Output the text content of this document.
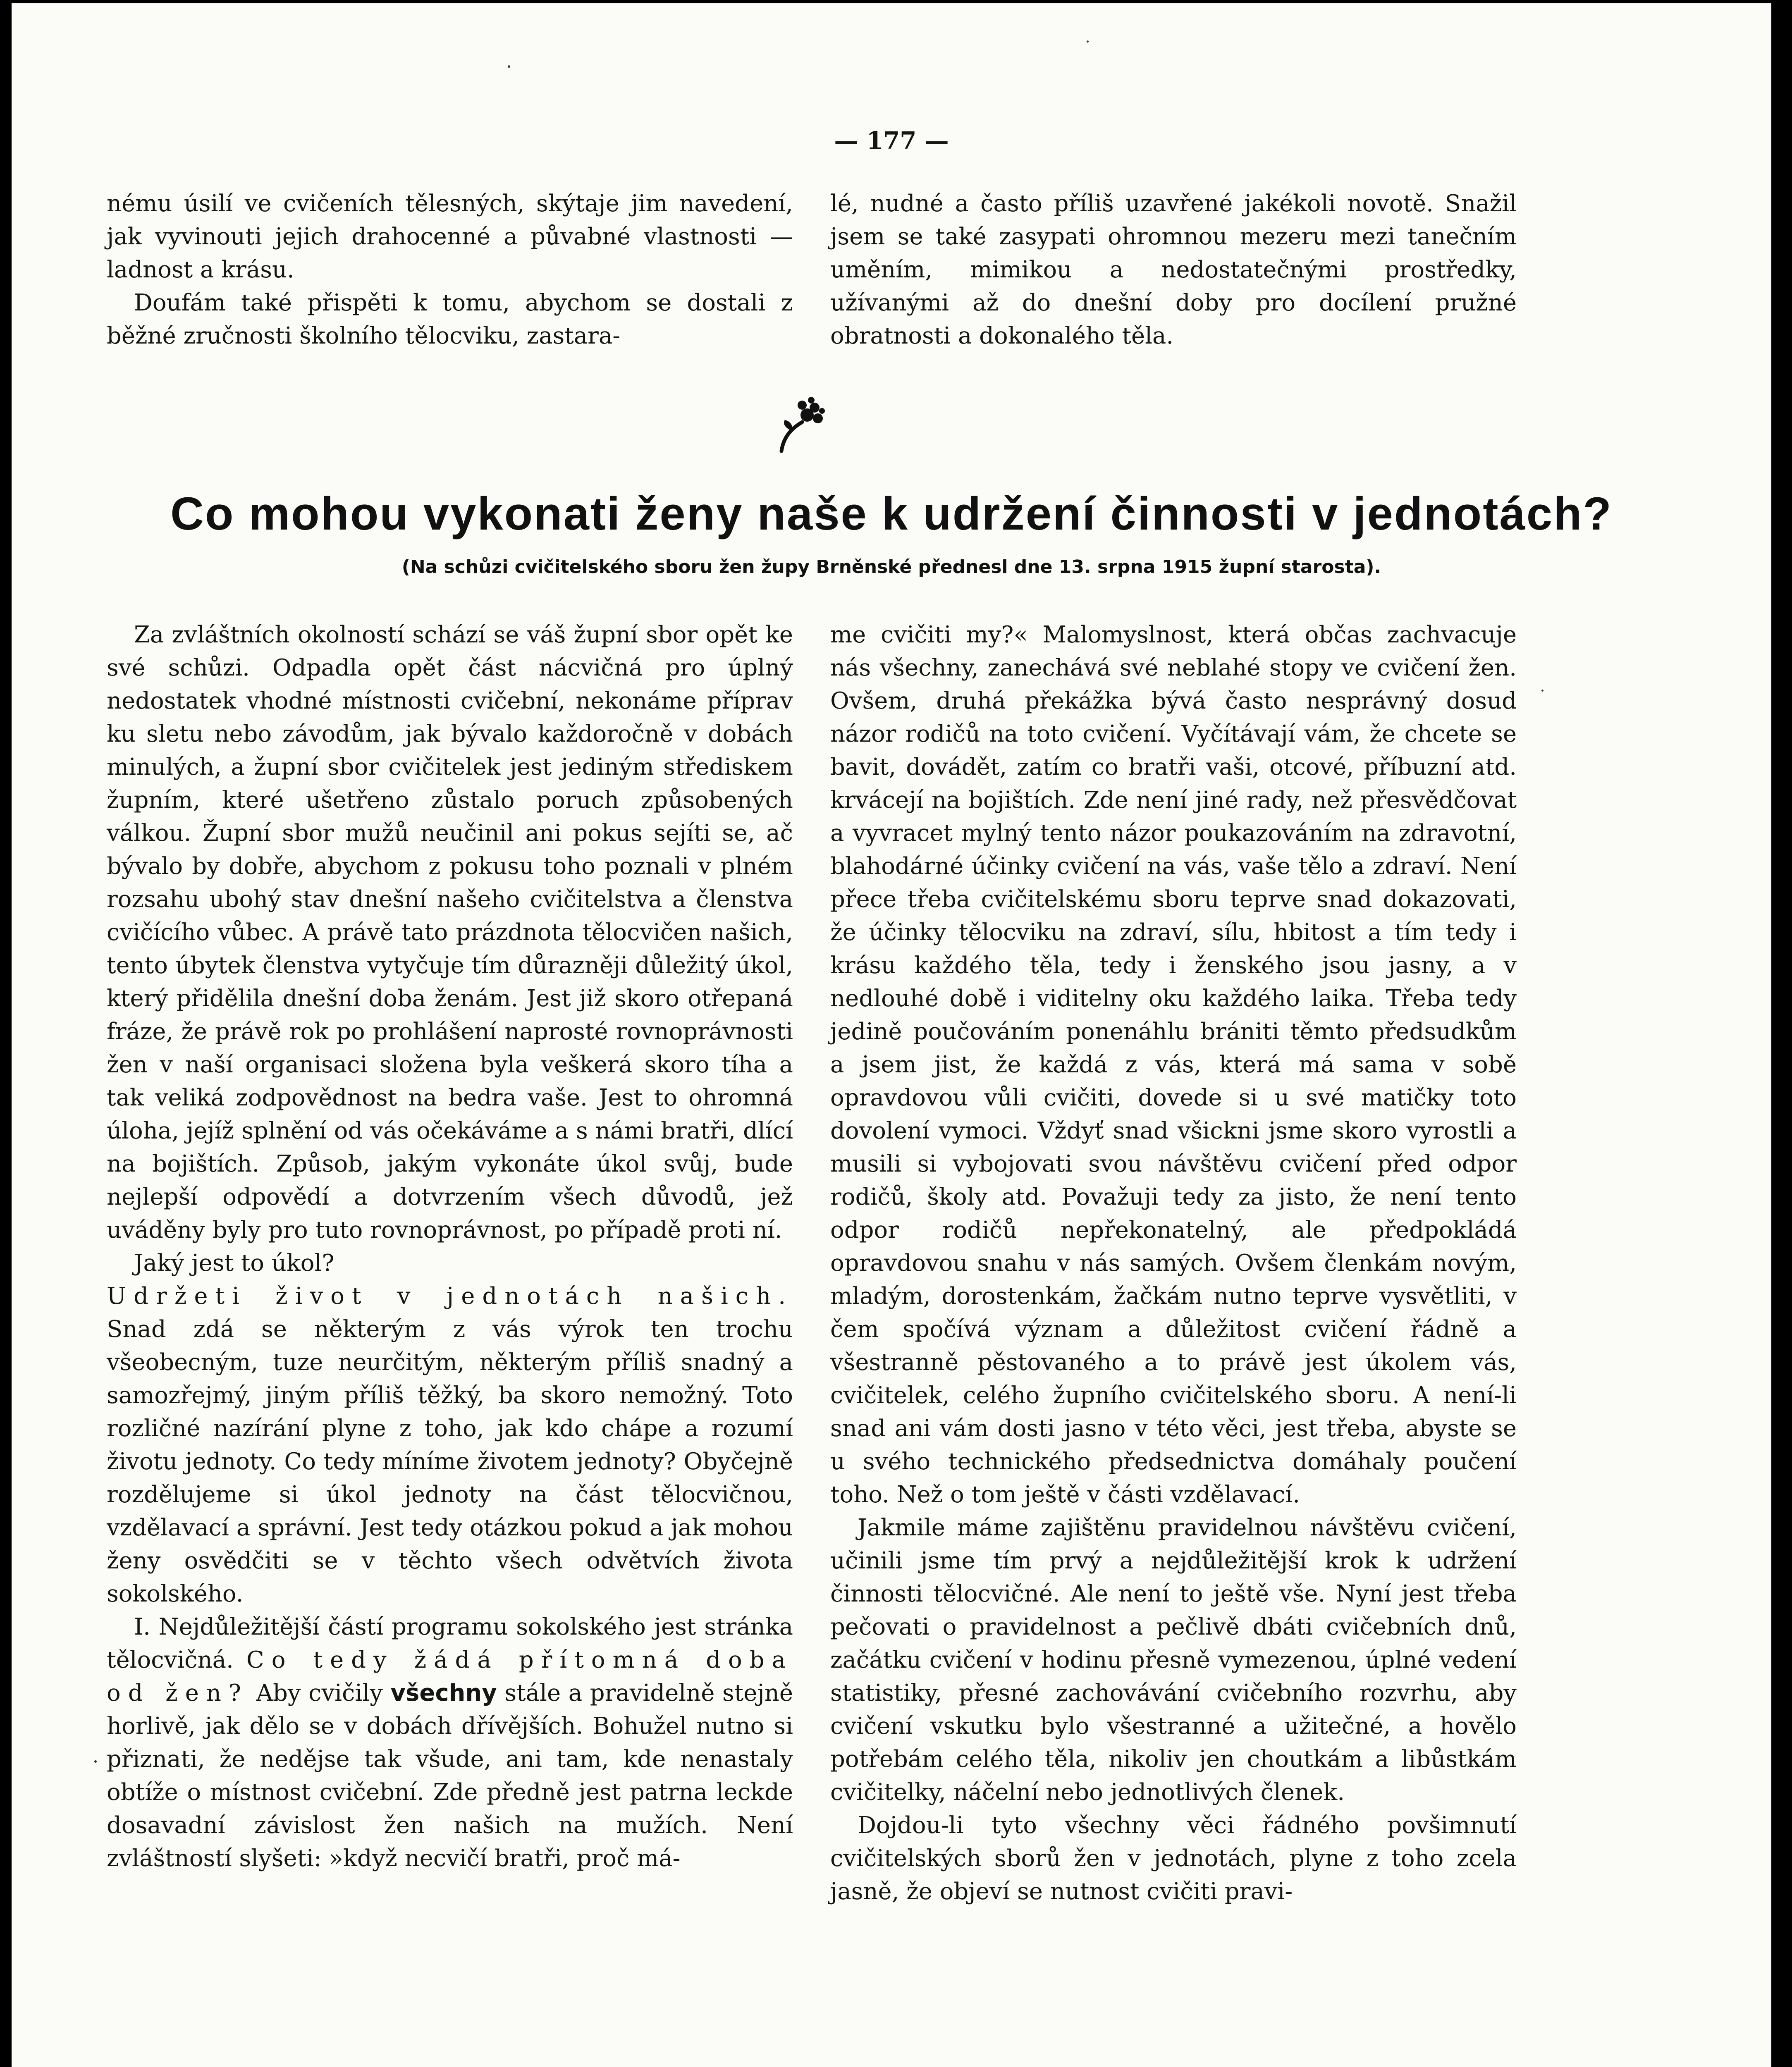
— 177 —

nému úsilí ve cvičeních tělesných, skýtaje jim navedení, jak vyvinouti jejich drahocenné a půvabné vlastnosti — ladnost a krásu.

Doufám také přispěti k tomu, abychom se dostali z běžné zručnosti školního tělocviku, zastara-

lé, nudné a často příliš uzavřené jakékoli novotě. Snažil jsem se také zasypati ohromnou mezeru mezi tanečním uměním, mimikou a nedostatečnými prostředky, užívanými až do dnešní doby pro docílení pružné obratnosti a dokonalého těla.

Co mohou vykonati ženy naše k udržení činnosti v jednotách?
(Na schůzi cvičitelského sboru žen župy Brněnské přednesl dne 13. srpna 1915 župní starosta).

Za zvláštních okolností schází se váš župní sbor opět ke své schůzi. Odpadla opět část nácvičná pro úplný nedostatek vhodné místnosti cvičební, nekonáme příprav ku sletu nebo závodům, jak bývalo každoročně v dobách minulých, a župní sbor cvičitelek jest jediným střediskem župním, které ušetřeno zůstalo poruch způsobených válkou. Župní sbor mužů neučinil ani pokus sejíti se, ač bývalo by dobře, abychom z pokusu toho poznali v plném rozsahu ubohý stav dnešní našeho cvičitelstva a členstva cvičícího vůbec. A právě tato prázdnota tělocvičen našich, tento úbytek členstva vytyčuje tím důrazněji důležitý úkol, který přidělila dnešní doba ženám. Jest již skoro otřepaná fráze, že právě rok po prohlášení naprosté rovnoprávnosti žen v naší organisaci složena byla veškerá skoro tíha a tak veliká zodpovědnost na bedra vaše. Jest to ohromná úloha, jejíž splnění od vás očekáváme a s námi bratři, dlící na bojištích. Způsob, jakým vykonáte úkol svůj, bude nejlepší odpovědí a dotvrzením všech důvodů, jež uváděny byly pro tuto rovnoprávnost, po případě proti ní.

Jaký jest to úkol?

Udržeti život v jednotách našich. Snad zdá se některým z vás výrok ten trochu všeobecným, tuze neurčitým, některým příliš snadný a samozřejmý, jiným příliš těžký, ba skoro nemožný. Toto rozličné nazírání plyne z toho, jak kdo chápe a rozumí životu jednoty. Co tedy míníme životem jednoty? Obyčejně rozdělujeme si úkol jednoty na část tělocvičnou, vzdělavací a správní. Jest tedy otázkou pokud a jak mohou ženy osvědčiti se v těchto všech odvětvích života sokolského.

I. Nejdůležitější částí programu sokolského jest stránka tělocvičná. Co tedy žádá přítomná doba od žen? Aby cvičily všechny stále a pravidelně stejně horlivě, jak dělo se v dobách dřívějších. Bohužel nutno si přiznati, že nedějse tak všude, ani tam, kde nenastaly obtíže o místnost cvičební. Zde předně jest patrna leckde dosavadní závislost žen našich na mužích. Není zvláštností slyšeti: »když necvičí bratři, proč má-

me cvičiti my?« Malomyslnost, která občas zachvacuje nás všechny, zanechává své neblahé stopy ve cvičení žen. Ovšem, druhá překážka bývá často nesprávný dosud názor rodičů na toto cvičení. Vyčítávají vám, že chcete se bavit, dovádět, zatím co bratři vaši, otcové, příbuzní atd. krvácejí na bojištích. Zde není jiné rady, než přesvědčovat a vyvracet mylný tento názor poukazováním na zdravotní, blahodárné účinky cvičení na vás, vaše tělo a zdraví. Není přece třeba cvičitelskému sboru teprve snad dokazovati, že účinky tělocviku na zdraví, sílu, hbitost a tím tedy i krásu každého těla, tedy i ženského jsou jasny, a v nedlouhé době i viditelny oku každého laika. Třeba tedy jedině poučováním ponenáhlu brániti těmto předsudkům a jsem jist, že každá z vás, která má sama v sobě opravdovou vůli cvičiti, dovede si u své matičky toto dovolení vymoci. Vždyť snad všickni jsme skoro vyrostli a musili si vybojovati svou návštěvu cvičení před odpor rodičů, školy atd. Považuji tedy za jisto, že není tento odpor rodičů nepřekonatelný, ale předpokládá opravdovou snahu v nás samých. Ovšem členkám novým, mladým, dorostenkám, žačkám nutno teprve vysvětliti, v čem spočívá význam a důležitost cvičení řádně a všestranně pěstovaného a to právě jest úkolem vás, cvičitelek, celého župního cvičitelského sboru. A není-li snad ani vám dosti jasno v této věci, jest třeba, abyste se u svého technického předsednictva domáhaly poučení toho. Než o tom ještě v části vzdělavací.

Jakmile máme zajištěnu pravidelnou návštěvu cvičení, učinili jsme tím prvý a nejdůležitější krok k udržení činnosti tělocvičné. Ale není to ještě vše. Nyní jest třeba pečovati o pravidelnost a pečlivě dbáti cvičebních dnů, začátku cvičení v hodinu přesně vymezenou, úplné vedení statistiky, přesné zachovávání cvičebního rozvrhu, aby cvičení vskutku bylo všestranné a užitečné, a hovělo potřebám celého těla, nikoliv jen choutkám a libůstkám cvičitelky, náčelní nebo jednotlivých členek.

Dojdou-li tyto všechny věci řádného povšimnutí cvičitelských sborů žen v jednotách, plyne z toho zcela jasně, že objeví se nutnost cvičiti pravi-
